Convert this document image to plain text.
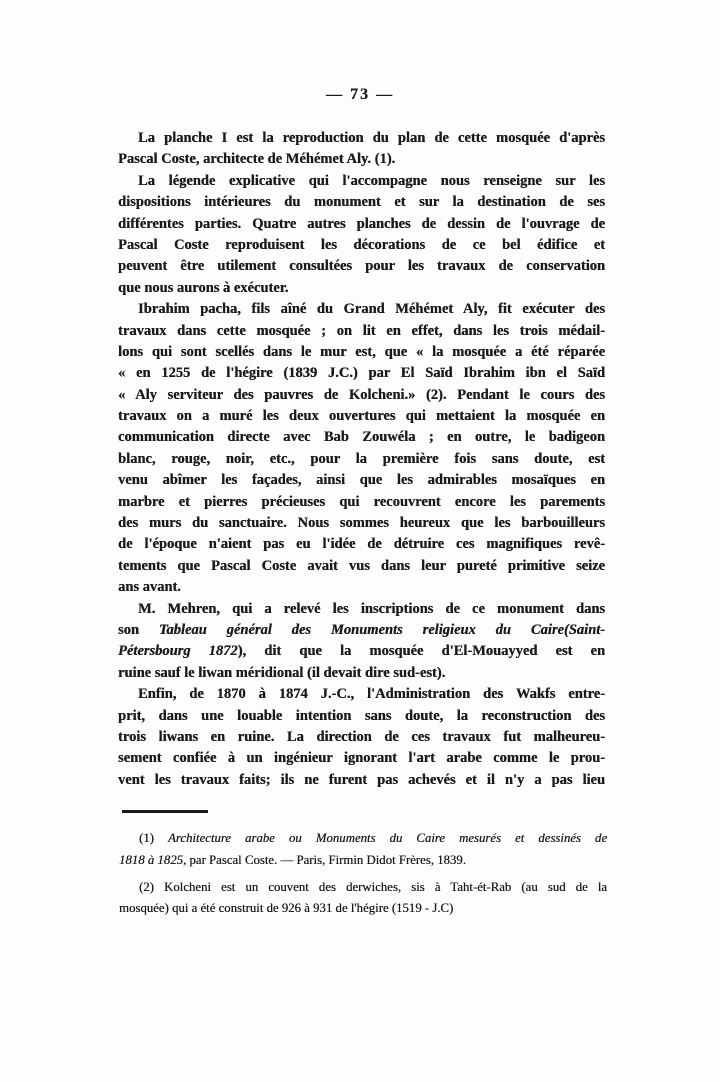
— 73 —
La planche I est la reproduction du plan de cette mosquée d'après
Pascal Coste, architecte de Méhémet Aly. (1).
La légende explicative qui l'accompagne nous renseigne sur les
dispositions intérieures du monument et sur la destination de ses
différentes parties. Quatre autres planches de dessin de l'ouvrage de
Pascal Coste reproduisent les décorations de ce bel édifice et
peuvent être utilement consultées pour les travaux de conservation
que nous aurons à exécuter.
Ibrahim pacha, fils aîné du Grand Méhémet Aly, fit exécuter des
travaux dans cette mosquée ; on lit en effet, dans les trois médail-
lons qui sont scellés dans le mur est, que « la mosquée a été réparée
« en 1255 de l'hégire (1839 J.C.) par El Saïd Ibrahim ibn el Saïd
« Aly serviteur des pauvres de Kolcheni.» (2). Pendant le cours des
travaux on a muré les deux ouvertures qui mettaient la mosquée en
communication directe avec Bab Zouwéla ; en outre, le badigeon
blanc, rouge, noir, etc., pour la première fois sans doute, est
venu abîmer les façades, ainsi que les admirables mosaïques en
marbre et pierres précieuses qui recouvrent encore les parements
des murs du sanctuaire. Nous sommes heureux que les barbouilleurs
de l'époque n'aient pas eu l'idée de détruire ces magnifiques revê-
tements que Pascal Coste avait vus dans leur pureté primitive seize
ans avant.
M. Mehren, qui a relevé les inscriptions de ce monument dans
son Tableau général des Monuments religieux du Caire(Saint-
Pétersbourg 1872), dit que la mosquée d'El-Mouayyed est en
ruine sauf le liwan méridional (il devait dire sud-est).
Enfin, de 1870 à 1874 J.-C., l'Administration des Wakfs entre-
prit, dans une louable intention sans doute, la reconstruction des
trois liwans en ruine. La direction de ces travaux fut malheureu-
sement confiée à un ingénieur ignorant l'art arabe comme le prou-
vent les travaux faits; ils ne furent pas achevés et il n'y a pas lieu
(1) Architecture arabe ou Monuments du Caire mesurés et dessinés de
1818 à 1825, par Pascal Coste. — Paris, Firmin Didot Frères, 1839.
(2) Kolcheni est un couvent des derwiches, sis à Taht-ét-Rab (au sud de la
mosquée) qui a été construit de 926 à 931 de l'hégire (1519 - J.C)
